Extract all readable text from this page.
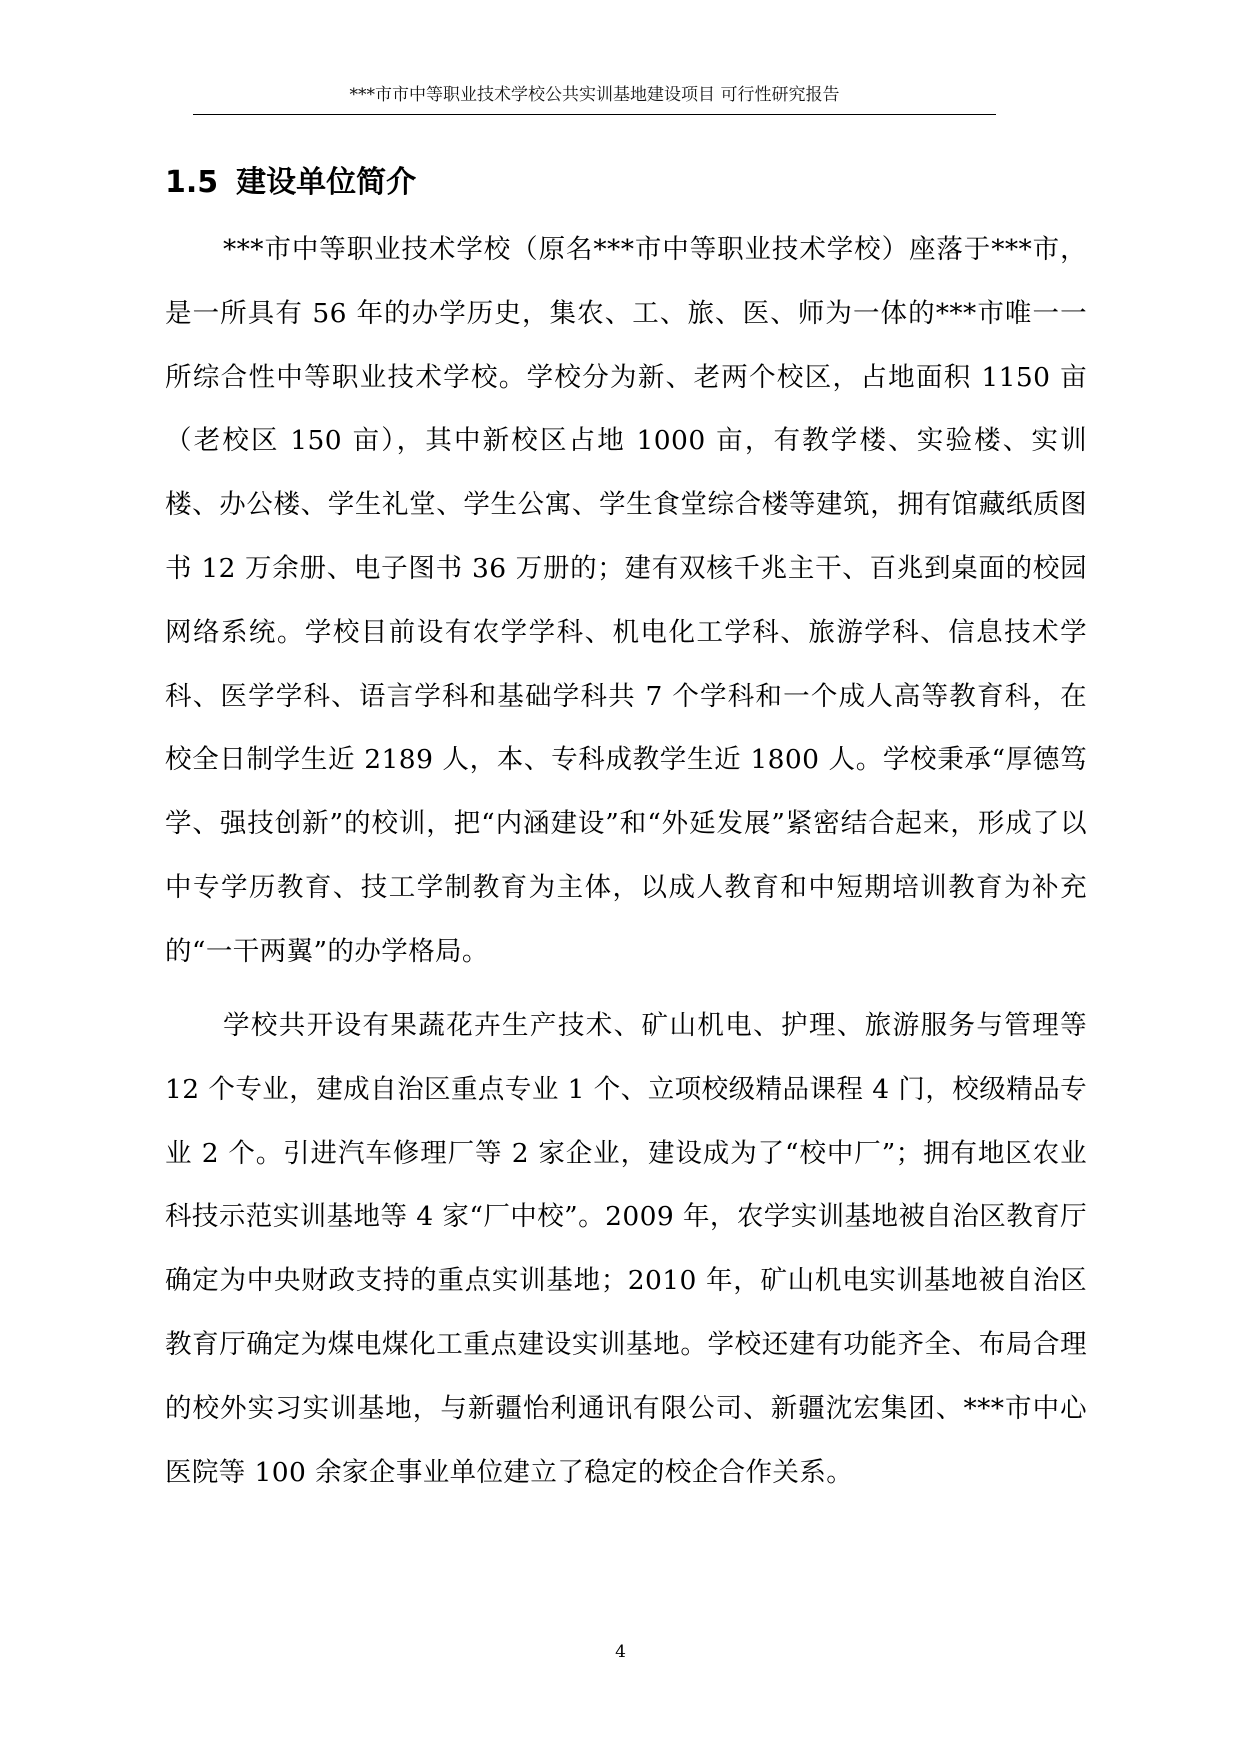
***市市中等职业技术学校公共实训基地建设项目 可行性研究报告
1.5 建设单位简介

***市中等职业技术学校（原名***市中等职业技术学校）座落于***市，是一所具有 56 年的办学历史，集农、工、旅、医、师为一体的***市唯一一所综合性中等职业技术学校。学校分为新、老两个校区，占地面积 1150 亩（老校区 150 亩），其中新校区占地 1000 亩，有教学楼、实验楼、实训楼、办公楼、学生礼堂、学生公寓、学生食堂综合楼等建筑，拥有馆藏纸质图书 12 万余册、电子图书 36 万册的；建有双核千兆主干、百兆到桌面的校园网络系统。学校目前设有农学学科、机电化工学科、旅游学科、信息技术学科、医学学科、语言学科和基础学科共 7 个学科和一个成人高等教育科，在校全日制学生近 2189 人，本、专科成教学生近 1800 人。学校秉承“厚德笃学、强技创新”的校训，把“内涵建设”和“外延发展”紧密结合起来，形成了以中专学历教育、技工学制教育为主体，以成人教育和中短期培训教育为补充的“一干两翼”的办学格局。

学校共开设有果蔬花卉生产技术、矿山机电、护理、旅游服务与管理等 12 个专业，建成自治区重点专业 1 个、立项校级精品课程 4 门，校级精品专业 2 个。引进汽车修理厂等 2 家企业，建设成为了“校中厂”；拥有地区农业科技示范实训基地等 4 家“厂中校”。2009 年，农学实训基地被自治区教育厅确定为中央财政支持的重点实训基地；2010 年，矿山机电实训基地被自治区教育厅确定为煤电煤化工重点建设实训基地。学校还建有功能齐全、布局合理的校外实习实训基地，与新疆怡利通讯有限公司、新疆沈宏集团、***市中心医院等 100 余家企事业单位建立了稳定的校企合作关系。

4
